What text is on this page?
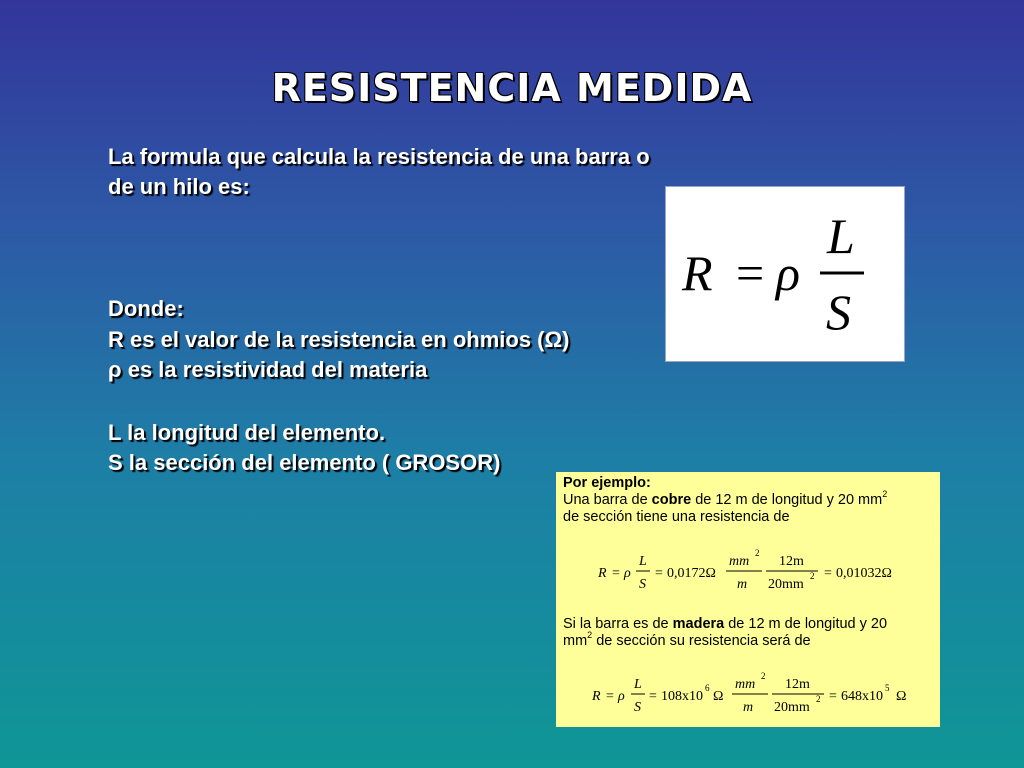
RESISTENCIA MEDIDA
La formula que calcula la resistencia de una barra o
de un hilo es:
Donde:
R es el valor de la resistencia en ohmios (Ω)
ρ es la resistividad del materia
L la longitud del elemento.
S la sección del elemento ( GROSOR)
R = ρ
L
S
Por ejemplo:
Una barra de cobre de 12 m de longitud y 20 $mm^2$
de sección tiene una resistencia de
R = ρ
L
S
= 0,0172Ω
mm
2
m
12m
20mm
2 = 0,01032Ω
Si la barra es de madera de 12 m de longitud y 20
$mm^2$ de sección su resistencia será de
R = ρ
L
S
= 108x10
6
Ω
mm
2
m
12m
20mm
2 = 648x10
5
Ω
